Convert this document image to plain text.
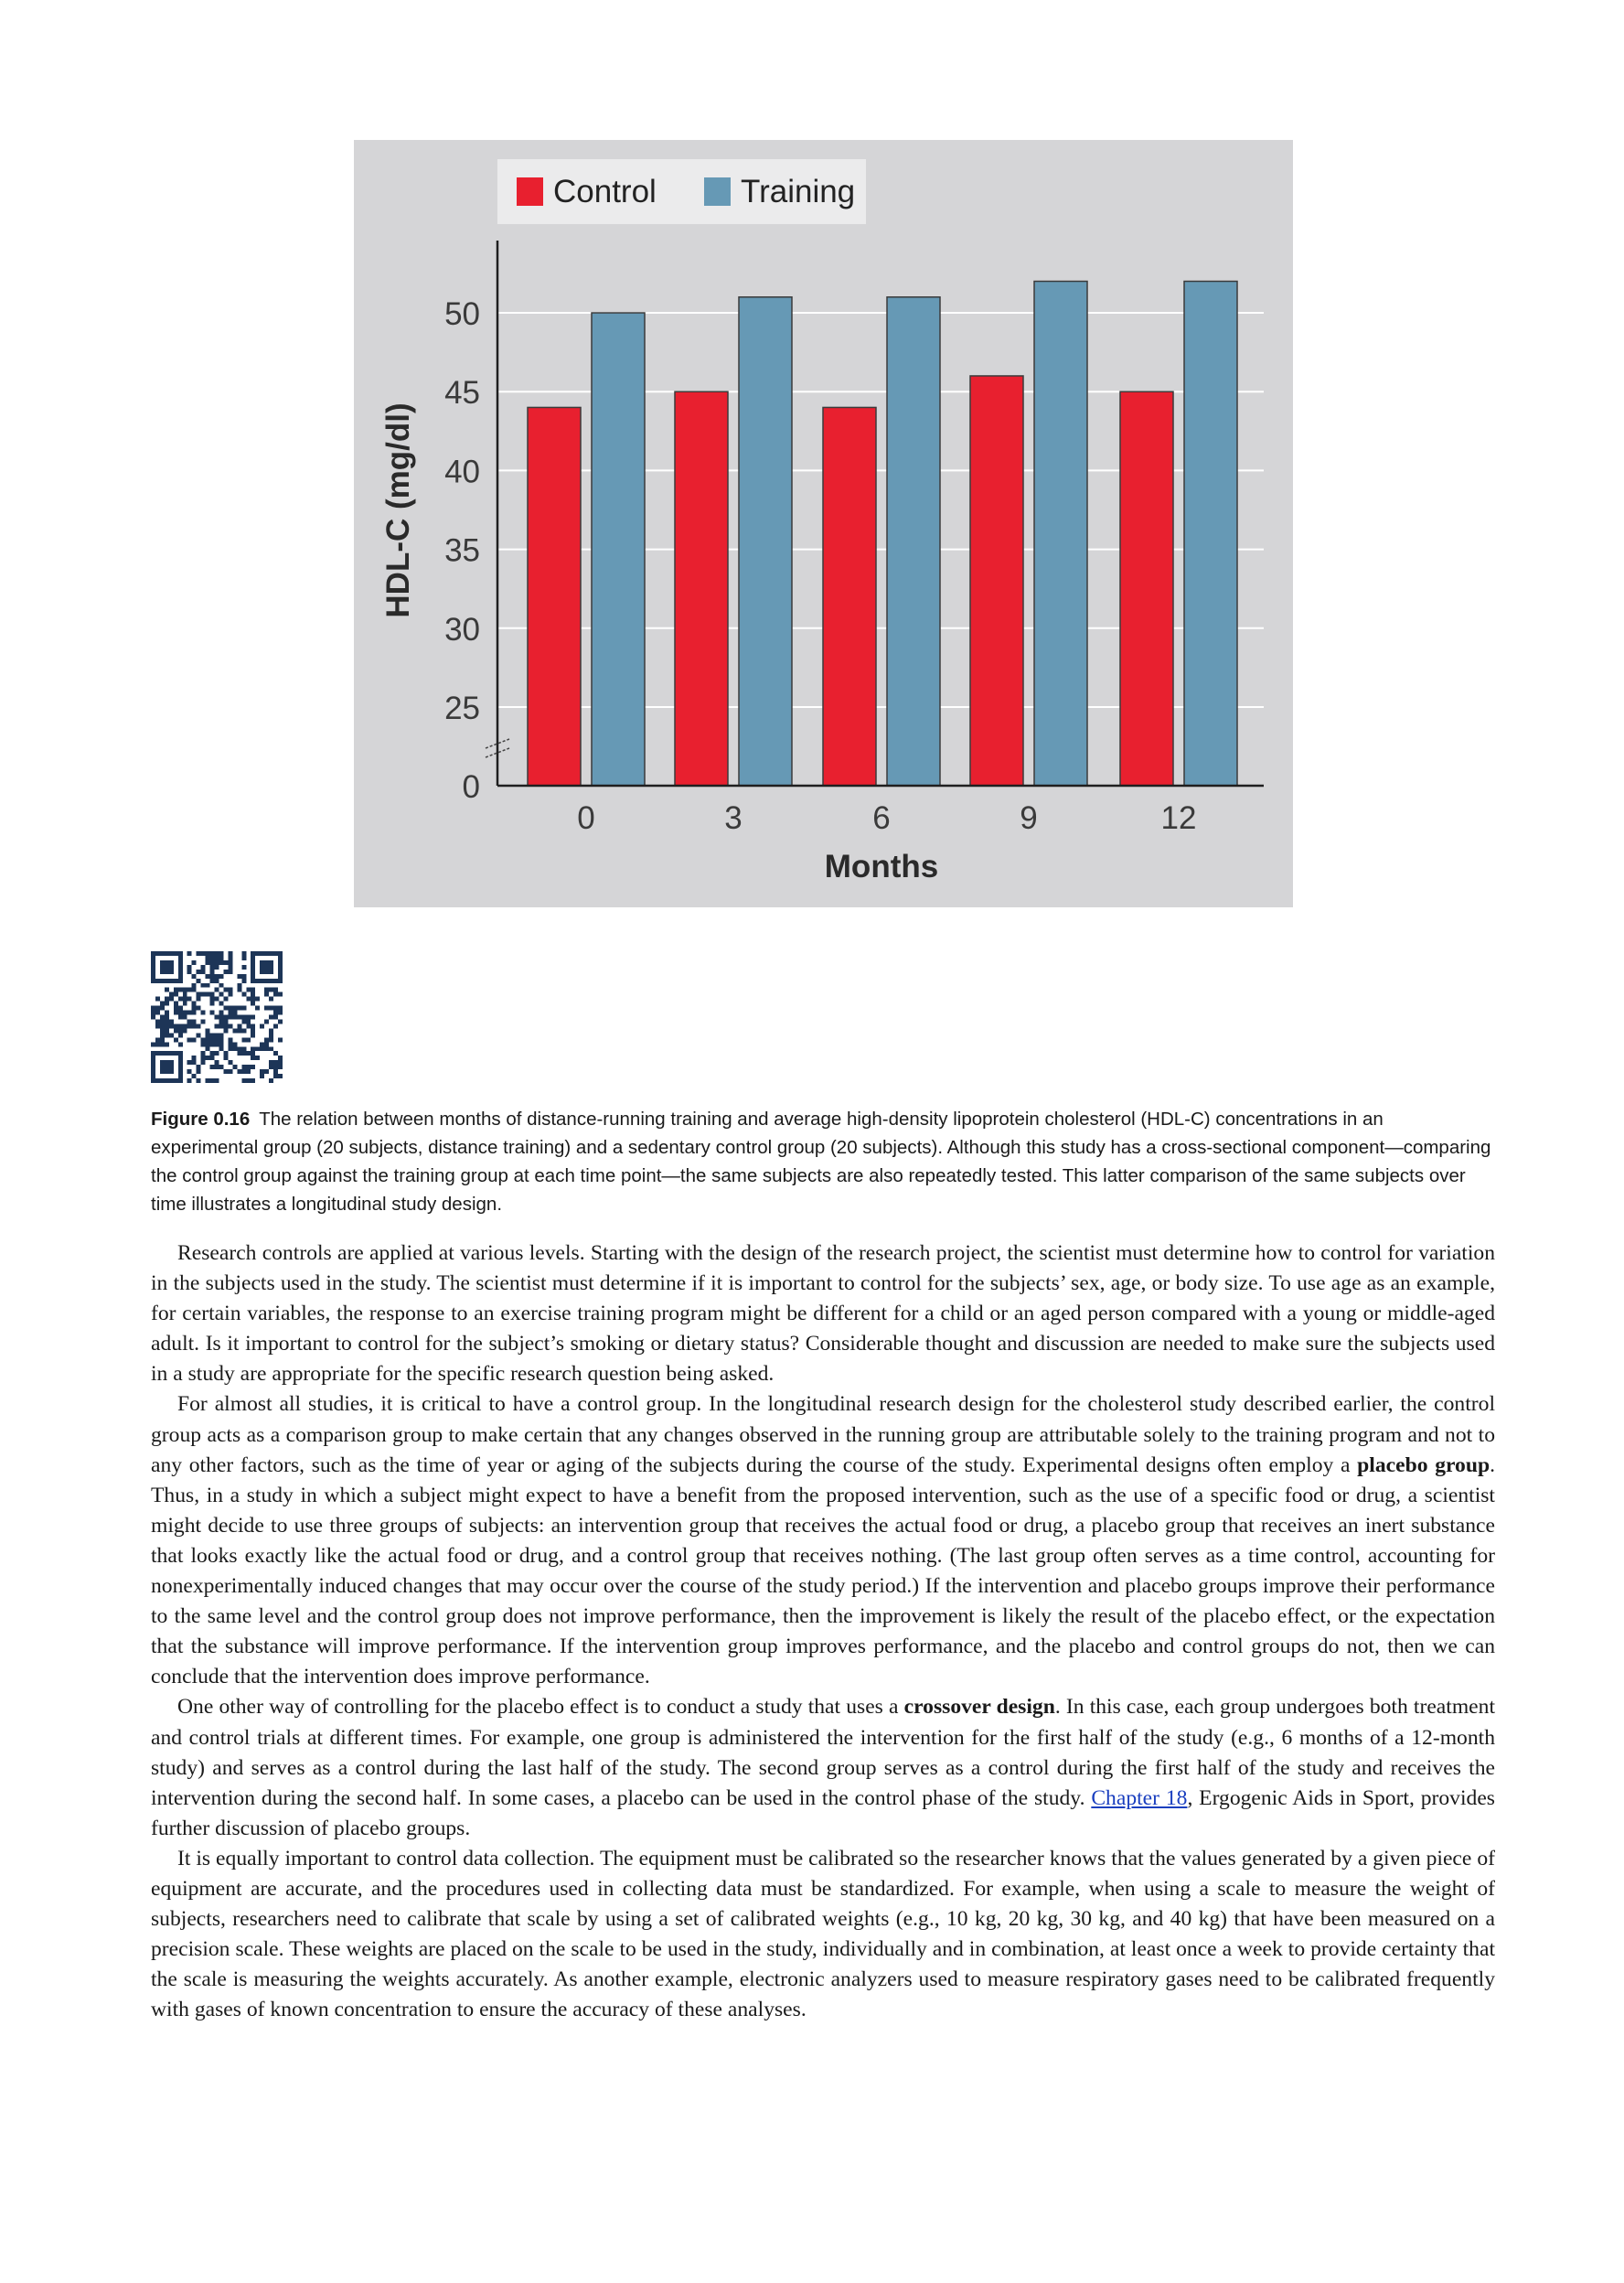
Control	Training
0
25
30
35
40
45
50
0	3	6	9	12
Months
HDL-C (mg/dl)

Figure 0.16 The relation between months of distance-running training and average high-density lipoprotein cholesterol (HDL-C) concentrations in an experimental group (20 subjects, distance training) and a sedentary control group (20 subjects). Although this study has a cross-sectional component—comparing the control group against the training group at each time point—the same subjects are also repeatedly tested. This latter comparison of the same subjects over time illustrates a longitudinal study design.

Research controls are applied at various levels. Starting with the design of the research project, the scientist must determine how to control for variation in the subjects used in the study. The scientist must determine if it is important to control for the subjects’ sex, age, or body size. To use age as an example, for certain variables, the response to an exercise training program might be different for a child or an aged person compared with a young or middle-aged adult. Is it important to control for the subject’s smoking or dietary status? Considerable thought and discussion are needed to make sure the subjects used in a study are appropriate for the specific research question being asked.

For almost all studies, it is critical to have a control group. In the longitudinal research design for the cholesterol study described earlier, the control group acts as a comparison group to make certain that any changes observed in the running group are attributable solely to the training program and not to any other factors, such as the time of year or aging of the subjects during the course of the study. Experimental designs often employ a placebo group. Thus, in a study in which a subject might expect to have a benefit from the proposed intervention, such as the use of a specific food or drug, a scientist might decide to use three groups of subjects: an intervention group that receives the actual food or drug, a placebo group that receives an inert substance that looks exactly like the actual food or drug, and a control group that receives nothing. (The last group often serves as a time control, accounting for nonexperimentally induced changes that may occur over the course of the study period.) If the intervention and placebo groups improve their performance to the same level and the control group does not improve performance, then the improvement is likely the result of the placebo effect, or the expectation that the substance will improve performance. If the intervention group improves performance, and the placebo and control groups do not, then we can conclude that the intervention does improve performance.

One other way of controlling for the placebo effect is to conduct a study that uses a crossover design. In this case, each group undergoes both treatment and control trials at different times. For example, one group is administered the intervention for the first half of the study (e.g., 6 months of a 12-month study) and serves as a control during the last half of the study. The second group serves as a control during the first half of the study and receives the intervention during the second half. In some cases, a placebo can be used in the control phase of the study. Chapter 18, Ergogenic Aids in Sport, provides further discussion of placebo groups.

It is equally important to control data collection. The equipment must be calibrated so the researcher knows that the values generated by a given piece of equipment are accurate, and the procedures used in collecting data must be standardized. For example, when using a scale to measure the weight of subjects, researchers need to calibrate that scale by using a set of calibrated weights (e.g., 10 kg, 20 kg, 30 kg, and 40 kg) that have been measured on a precision scale. These weights are placed on the scale to be used in the study, individually and in combination, at least once a week to provide certainty that the scale is measuring the weights accurately. As another example, electronic analyzers used to measure respiratory gases need to be calibrated frequently with gases of known concentration to ensure the accuracy of these analyses.
